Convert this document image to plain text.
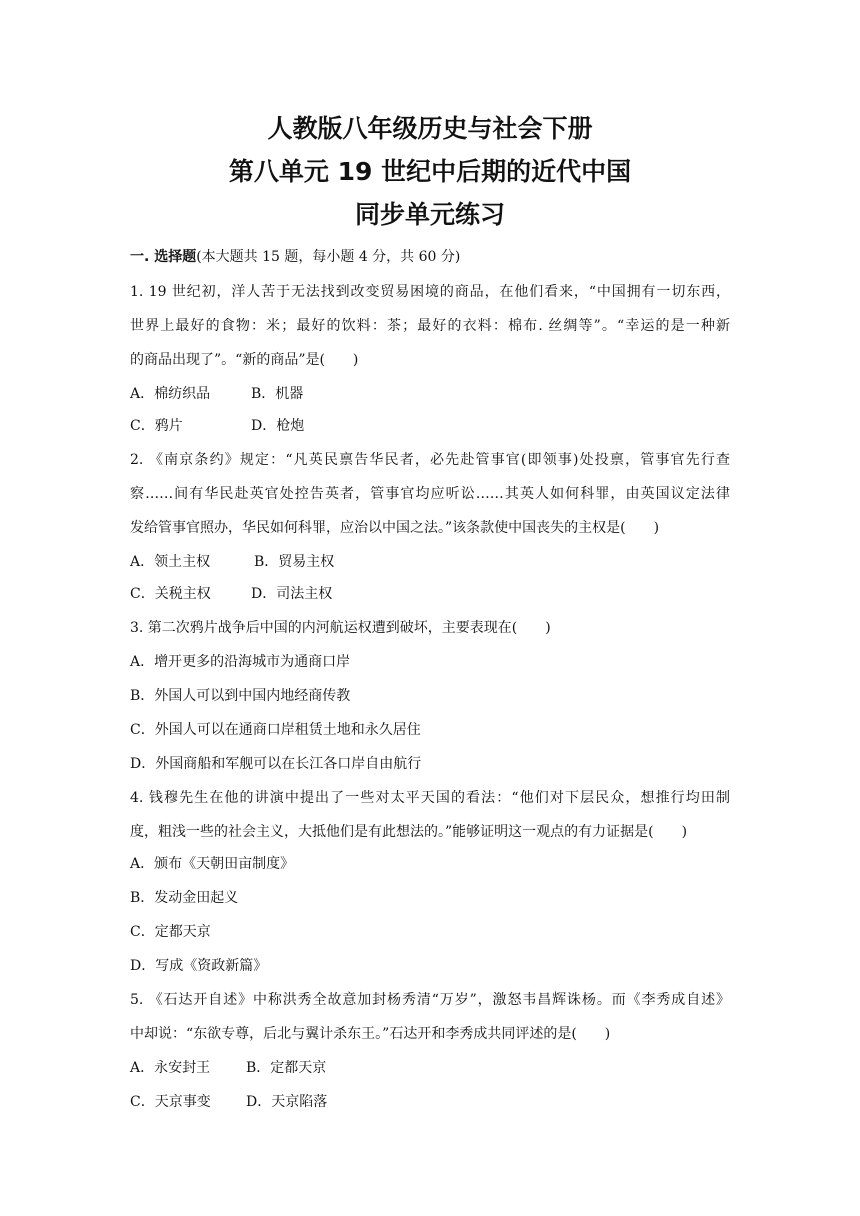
人教版八年级历史与社会下册
第八单元 19 世纪中后期的近代中国
同步单元练习
一. 选择题(本大题共 15 题，每小题 4 分，共 60 分)
1. 19 世纪初，洋人苦于无法找到改变贸易困境的商品，在他们看来，“中国拥有一切东西，
世界上最好的食物：米；最好的饮料：茶；最好的衣料：棉布. 丝绸等”。“幸运的是一种新
的商品出现了”。“新的商品”是(　　)
A．棉纺织品	B．机器
C．鸦片	D．枪炮
2. 《南京条约》规定：“凡英民禀告华民者，必先赴管事官(即领事)处投禀，管事官先行查
察……间有华民赴英官处控告英者，管事官均应听讼……其英人如何科罪，由英国议定法律
发给管事官照办，华民如何科罪，应治以中国之法。”该条款使中国丧失的主权是(　　)
A．领土主权	B．贸易主权
C．关税主权	D．司法主权
3. 第二次鸦片战争后中国的内河航运权遭到破坏，主要表现在(　　)
A．增开更多的沿海城市为通商口岸
B．外国人可以到中国内地经商传教
C．外国人可以在通商口岸租赁土地和永久居住
D．外国商船和军舰可以在长江各口岸自由航行
4. 钱穆先生在他的讲演中提出了一些对太平天国的看法：“他们对下层民众，想推行均田制
度，粗浅一些的社会主义，大抵他们是有此想法的。”能够证明这一观点的有力证据是(　　)
A．颁布《天朝田亩制度》
B．发动金田起义
C．定都天京
D．写成《资政新篇》
5. 《石达开自述》中称洪秀全故意加封杨秀清“万岁”，激怒韦昌辉诛杨。而《李秀成自述》
中却说：“东欲专尊，后北与翼计杀东王。”石达开和李秀成共同评述的是(　　)
A．永安封王	B．定都天京
C．天京事变	D．天京陷落
